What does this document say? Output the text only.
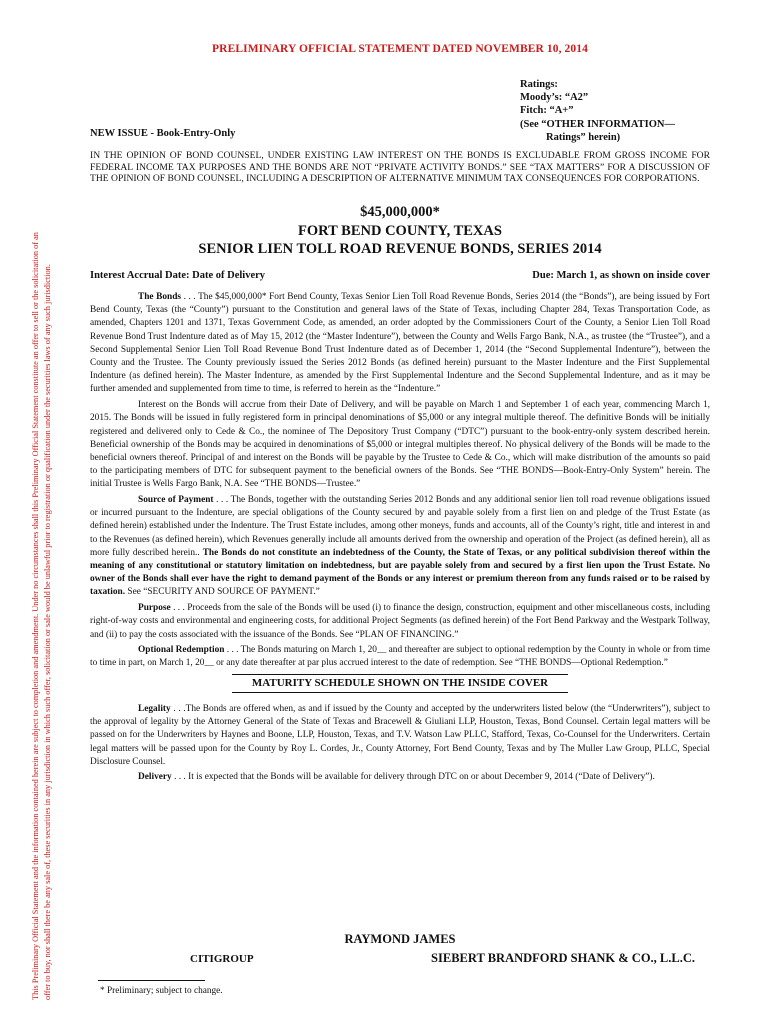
This Preliminary Official Statement and the information contained herein are subject to completion and amendment. Under no circumstances shall this Preliminary Official Statement constitute an offer to sell or the solicitation of an offer to buy, nor shall there be any sale of, these securities in any jurisdiction in which such offer, solicitation or sale would be unlawful prior to registration or qualification under the securities laws of any such jurisdiction.
PRELIMINARY OFFICIAL STATEMENT DATED NOVEMBER 10, 2014
Ratings:
Moody’s: “A2”
Fitch: “A+”
(See “OTHER INFORMATION—
Ratings” herein)
NEW ISSUE - Book-Entry-Only
IN THE OPINION OF BOND COUNSEL, UNDER EXISTING LAW INTEREST ON THE BONDS IS EXCLUDABLE FROM GROSS INCOME FOR FEDERAL INCOME TAX PURPOSES AND THE BONDS ARE NOT “PRIVATE ACTIVITY BONDS.” SEE “TAX MATTERS” FOR A DISCUSSION OF THE OPINION OF BOND COUNSEL, INCLUDING A DESCRIPTION OF ALTERNATIVE MINIMUM TAX CONSEQUENCES FOR CORPORATIONS.
$45,000,000*
FORT BEND COUNTY, TEXAS
SENIOR LIEN TOLL ROAD REVENUE BONDS, SERIES 2014
Interest Accrual Date: Date of Delivery	Due: March 1, as shown on inside cover

The Bonds . . . The $45,000,000* Fort Bend County, Texas Senior Lien Toll Road Revenue Bonds, Series 2014 (the “Bonds”), are being issued by Fort Bend County, Texas (the “County”) pursuant to the Constitution and general laws of the State of Texas, including Chapter 284, Texas Transportation Code, as amended, Chapters 1201 and 1371, Texas Government Code, as amended, an order adopted by the Commissioners Court of the County, a Senior Lien Toll Road Revenue Bond Trust Indenture dated as of May 15, 2012 (the “Master Indenture”), between the County and Wells Fargo Bank, N.A., as trustee (the “Trustee”), and a Second Supplemental Senior Lien Toll Road Revenue Bond Trust Indenture dated as of December 1, 2014 (the “Second Supplemental Indenture”), between the County and the Trustee. The County previously issued the Series 2012 Bonds (as defined herein) pursuant to the Master Indenture and the First Supplemental Indenture (as defined herein). The Master Indenture, as amended by the First Supplemental Indenture and the Second Supplemental Indenture, and as it may be further amended and supplemented from time to time, is referred to herein as the “Indenture.”

Interest on the Bonds will accrue from their Date of Delivery, and will be payable on March 1 and September 1 of each year, commencing March 1, 2015. The Bonds will be issued in fully registered form in principal denominations of $5,000 or any integral multiple thereof. The definitive Bonds will be initially registered and delivered only to Cede & Co., the nominee of The Depository Trust Company (“DTC”) pursuant to the book-entry-only system described herein. Beneficial ownership of the Bonds may be acquired in denominations of $5,000 or integral multiples thereof. No physical delivery of the Bonds will be made to the beneficial owners thereof. Principal of and interest on the Bonds will be payable by the Trustee to Cede & Co., which will make distribution of the amounts so paid to the participating members of DTC for subsequent payment to the beneficial owners of the Bonds. See “THE BONDS—Book-Entry-Only System” herein. The initial Trustee is Wells Fargo Bank, N.A. See “THE BONDS—Trustee.”

Source of Payment . . . The Bonds, together with the outstanding Series 2012 Bonds and any additional senior lien toll road revenue obligations issued or incurred pursuant to the Indenture, are special obligations of the County secured by and payable solely from a first lien on and pledge of the Trust Estate (as defined herein) established under the Indenture. The Trust Estate includes, among other moneys, funds and accounts, all of the County’s right, title and interest in and to the Revenues (as defined herein), which Revenues generally include all amounts derived from the ownership and operation of the Project (as defined herein), all as more fully described herein.. The Bonds do not constitute an indebtedness of the County, the State of Texas, or any political subdivision thereof within the meaning of any constitutional or statutory limitation on indebtedness, but are payable solely from and secured by a first lien upon the Trust Estate. No owner of the Bonds shall ever have the right to demand payment of the Bonds or any interest or premium thereon from any funds raised or to be raised by taxation. See “SECURITY AND SOURCE OF PAYMENT.”

Purpose . . . Proceeds from the sale of the Bonds will be used (i) to finance the design, construction, equipment and other miscellaneous costs, including right-of-way costs and environmental and engineering costs, for additional Project Segments (as defined herein) of the Fort Bend Parkway and the Westpark Tollway, and (ii) to pay the costs associated with the issuance of the Bonds. See “PLAN OF FINANCING.”

Optional Redemption . . . The Bonds maturing on March 1, 20__ and thereafter are subject to optional redemption by the County in whole or from time to time in part, on March 1, 20__ or any date thereafter at par plus accrued interest to the date of redemption. See “THE BONDS—Optional Redemption.”

MATURITY SCHEDULE SHOWN ON THE INSIDE COVER

Legality . . .The Bonds are offered when, as and if issued by the County and accepted by the underwriters listed below (the “Underwriters”), subject to the approval of legality by the Attorney General of the State of Texas and Bracewell & Giuliani LLP, Houston, Texas, Bond Counsel. Certain legal matters will be passed on for the Underwriters by Haynes and Boone, LLP, Houston, Texas, and T.V. Watson Law PLLC, Stafford, Texas, Co-Counsel for the Underwriters. Certain legal matters will be passed upon for the County by Roy L. Cordes, Jr., County Attorney, Fort Bend County, Texas and by The Muller Law Group, PLLC, Special Disclosure Counsel.

Delivery . . . It is expected that the Bonds will be available for delivery through DTC on or about December 9, 2014 (“Date of Delivery”).

RAYMOND JAMES
CITIGROUP	SIEBERT BRANDFORD SHANK & CO., L.L.C.
* Preliminary; subject to change.
